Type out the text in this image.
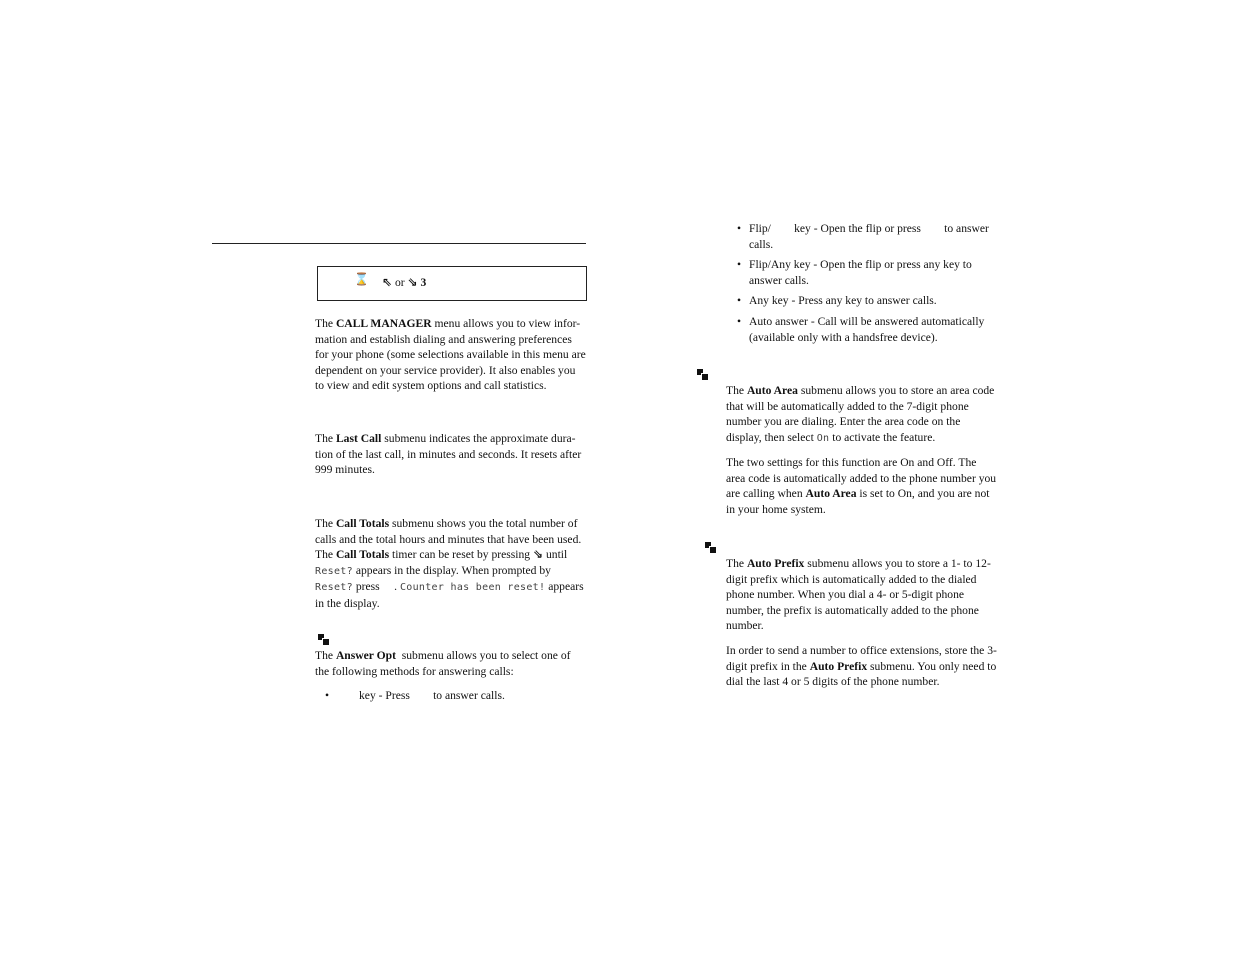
⌛ ⇖ or ⇘ 3

The CALL MANAGER menu allows you to view infor-mation and establish dialing and answering preferences for your phone (some selections available in this menu are dependent on your service provider). It also enables you to view and edit system options and call statistics.

The Last Call submenu indicates the approximate dura-tion of the last call, in minutes and seconds. It resets after 999 minutes.

The Call Totals submenu shows you the total number of calls and the total hours and minutes that have been used. The Call Totals timer can be reset by pressing ⇘ until Reset? appears in the display. When prompted by Reset? press     . Counter has been reset! appears in the display.

The Answer Opt  submenu allows you to select one of the following methods for answering calls:

•	key - Press        to answer calls.
• Flip/        key - Open the flip or press        to answer calls.
• Flip/Any key - Open the flip or press any key to answer calls.
• Any key - Press any key to answer calls.
• Auto answer - Call will be answered automatically (available only with a handsfree device).

The Auto Area submenu allows you to store an area code that will be automatically added to the 7-digit phone number you are dialing. Enter the area code on the display, then select On to activate the feature.

The two settings for this function are On and Off. The area code is automatically added to the phone number you are calling when Auto Area is set to On, and you are not in your home system.

The Auto Prefix submenu allows you to store a 1- to 12-digit prefix which is automatically added to the dialed phone number. When you dial a 4- or 5-digit phone number, the prefix is automatically added to the phone number.

In order to send a number to office extensions, store the 3-digit prefix in the Auto Prefix submenu. You only need to dial the last 4 or 5 digits of the phone number.
